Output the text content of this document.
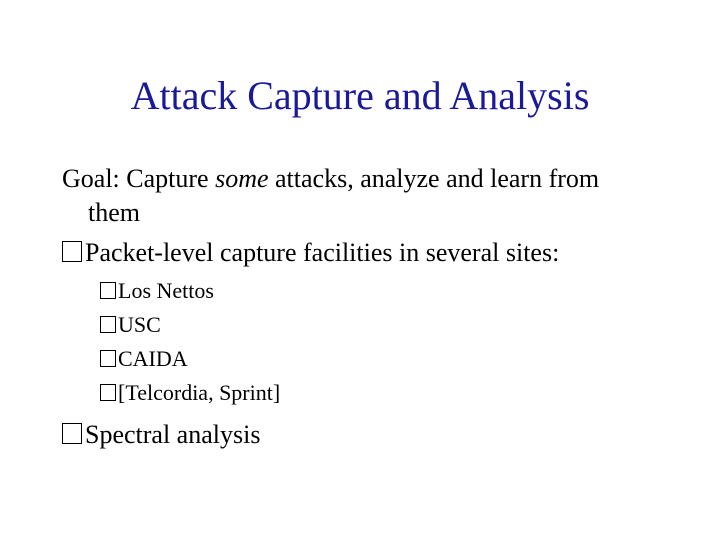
Attack Capture and Analysis
Goal: Capture some attacks, analyze and learn from
them
Packet-level capture facilities in several sites:
Los Nettos
USC
CAIDA
[Telcordia, Sprint]
Spectral analysis
